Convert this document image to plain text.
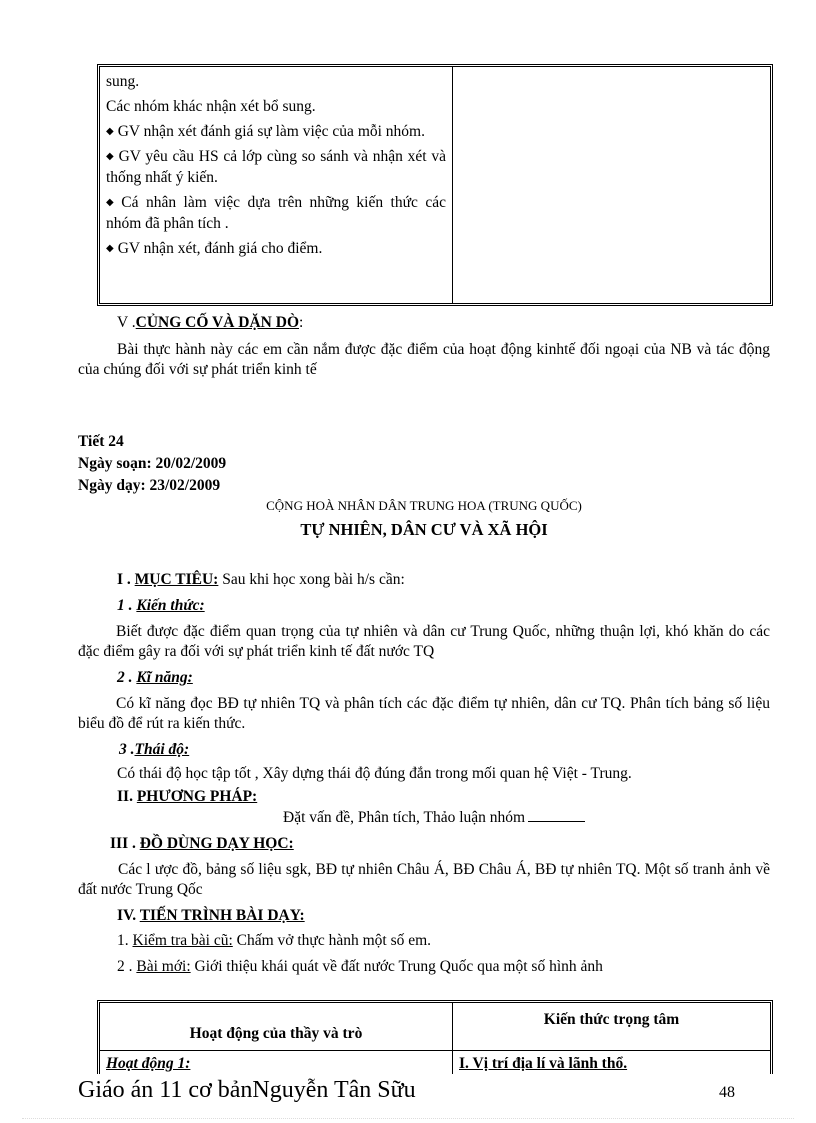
sung.

Các nhóm khác nhận xét bổ sung.

◆ GV nhận xét đánh giá sự làm việc của mỗi nhóm.

◆ GV yêu cầu HS cả lớp cùng so sánh và nhận xét và thống nhất ý kiến.

◆ Cá nhân làm việc dựa trên những kiến thức các nhóm đã phân tích .

◆ GV nhận xét, đánh giá cho điểm.

V .CỦNG CỐ VÀ DẶN DÒ:
Bài thực hành này các em cần nắm được đặc điểm của hoạt động kinhtế đối ngoại của NB và tác động của chúng đối với sự phát triển kinh tế
Tiết 24
Ngày soạn: 20/02/2009
Ngày dạy: 23/02/2009
CỘNG HOÀ NHÂN DÂN TRUNG HOA (TRUNG QUỐC)
TỰ NHIÊN, DÂN CƯ VÀ XÃ HỘI
I . MỤC TIÊU: Sau khi học xong bài h/s cần:
1 . Kiến thức:
Biết được đặc điểm quan trọng của tự nhiên và dân cư Trung Quốc, những thuận lợi, khó khăn do các đặc điểm gây ra đối với sự phát triển kinh tế đất nước TQ
2 . Kĩ năng:
Có kĩ năng đọc BĐ tự nhiên TQ và phân tích các đặc điểm tự nhiên, dân cư TQ. Phân tích bảng số liệu biểu đồ để rút ra kiến thức.
3 .Thái độ:
Có thái độ học tập tốt , Xây dựng thái độ đúng đắn trong mối quan hệ Việt - Trung.
II. PHƯƠNG PHÁP:
Đặt vấn đề, Phân tích, Thảo luận nhóm
III . ĐỒ DÙNG DẠY HỌC:
Các l ược đồ, bảng số liệu sgk, BĐ tự nhiên Châu Á, BĐ Châu Á, BĐ tự nhiên TQ. Một số tranh ảnh về đất nước Trung Qốc
IV. TIẾN TRÌNH BÀI DẠY:
1. Kiểm tra bài cũ: Chấm vở thực hành một số em.
2 . Bài mới: Giới thiệu khái quát về đất nước Trung Quốc qua một số hình ảnh
Hoạt động của thầy và trò
Kiến thức trọng tâm
Hoạt động 1:	I. Vị trí địa lí và lãnh thổ.
Giáo án 11 cơ bảnNguyễn Tân Sữu	48
